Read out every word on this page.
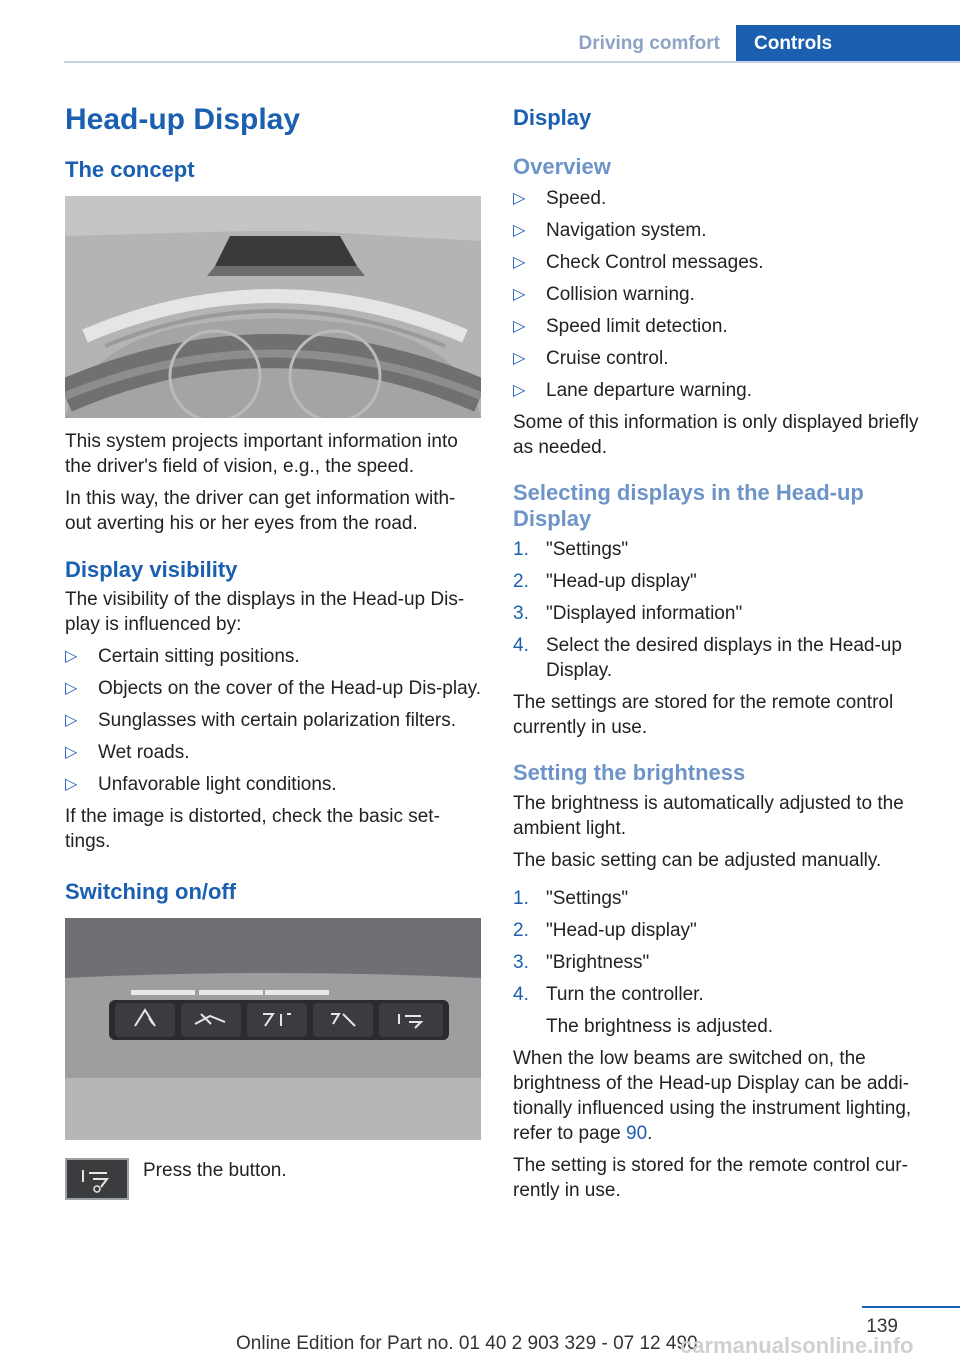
Driving comfort	Controls
Head-up Display
The concept

This system projects important information into the driver's field of vision, e.g., the speed.

In this way, the driver can get information with-out averting his or her eyes from the road.

Display visibility

The visibility of the displays in the Head-up Dis-play is influenced by:

▷ Certain sitting positions.
▷ Objects on the cover of the Head-up Dis-play.
▷ Sunglasses with certain polarization filters.
▷ Wet roads.
▷ Unfavorable light conditions.

If the image is distorted, check the basic set-tings.

Switching on/off

Press the button.

Display
Overview
▷ Speed.
▷ Navigation system.
▷ Check Control messages.
▷ Collision warning.
▷ Speed limit detection.
▷ Cruise control.
▷ Lane departure warning.

Some of this information is only displayed briefly as needed.

Selecting displays in the Head-up Display
1. "Settings"
2. "Head-up display"
3. "Displayed information"
4. Select the desired displays in the Head-up Display.

The settings are stored for the remote control currently in use.

Setting the brightness

The brightness is automatically adjusted to the ambient light.

The basic setting can be adjusted manually.

1. "Settings"
2. "Head-up display"
3. "Brightness"
4. Turn the controller.

The brightness is adjusted.

When the low beams are switched on, the brightness of the Head-up Display can be addi-tionally influenced using the instrument lighting, refer to page 90.

The setting is stored for the remote control cur-rently in use.

139
Online Edition for Part no. 01 40 2 903 329 - 07 12 490
carmanualsonline.info
